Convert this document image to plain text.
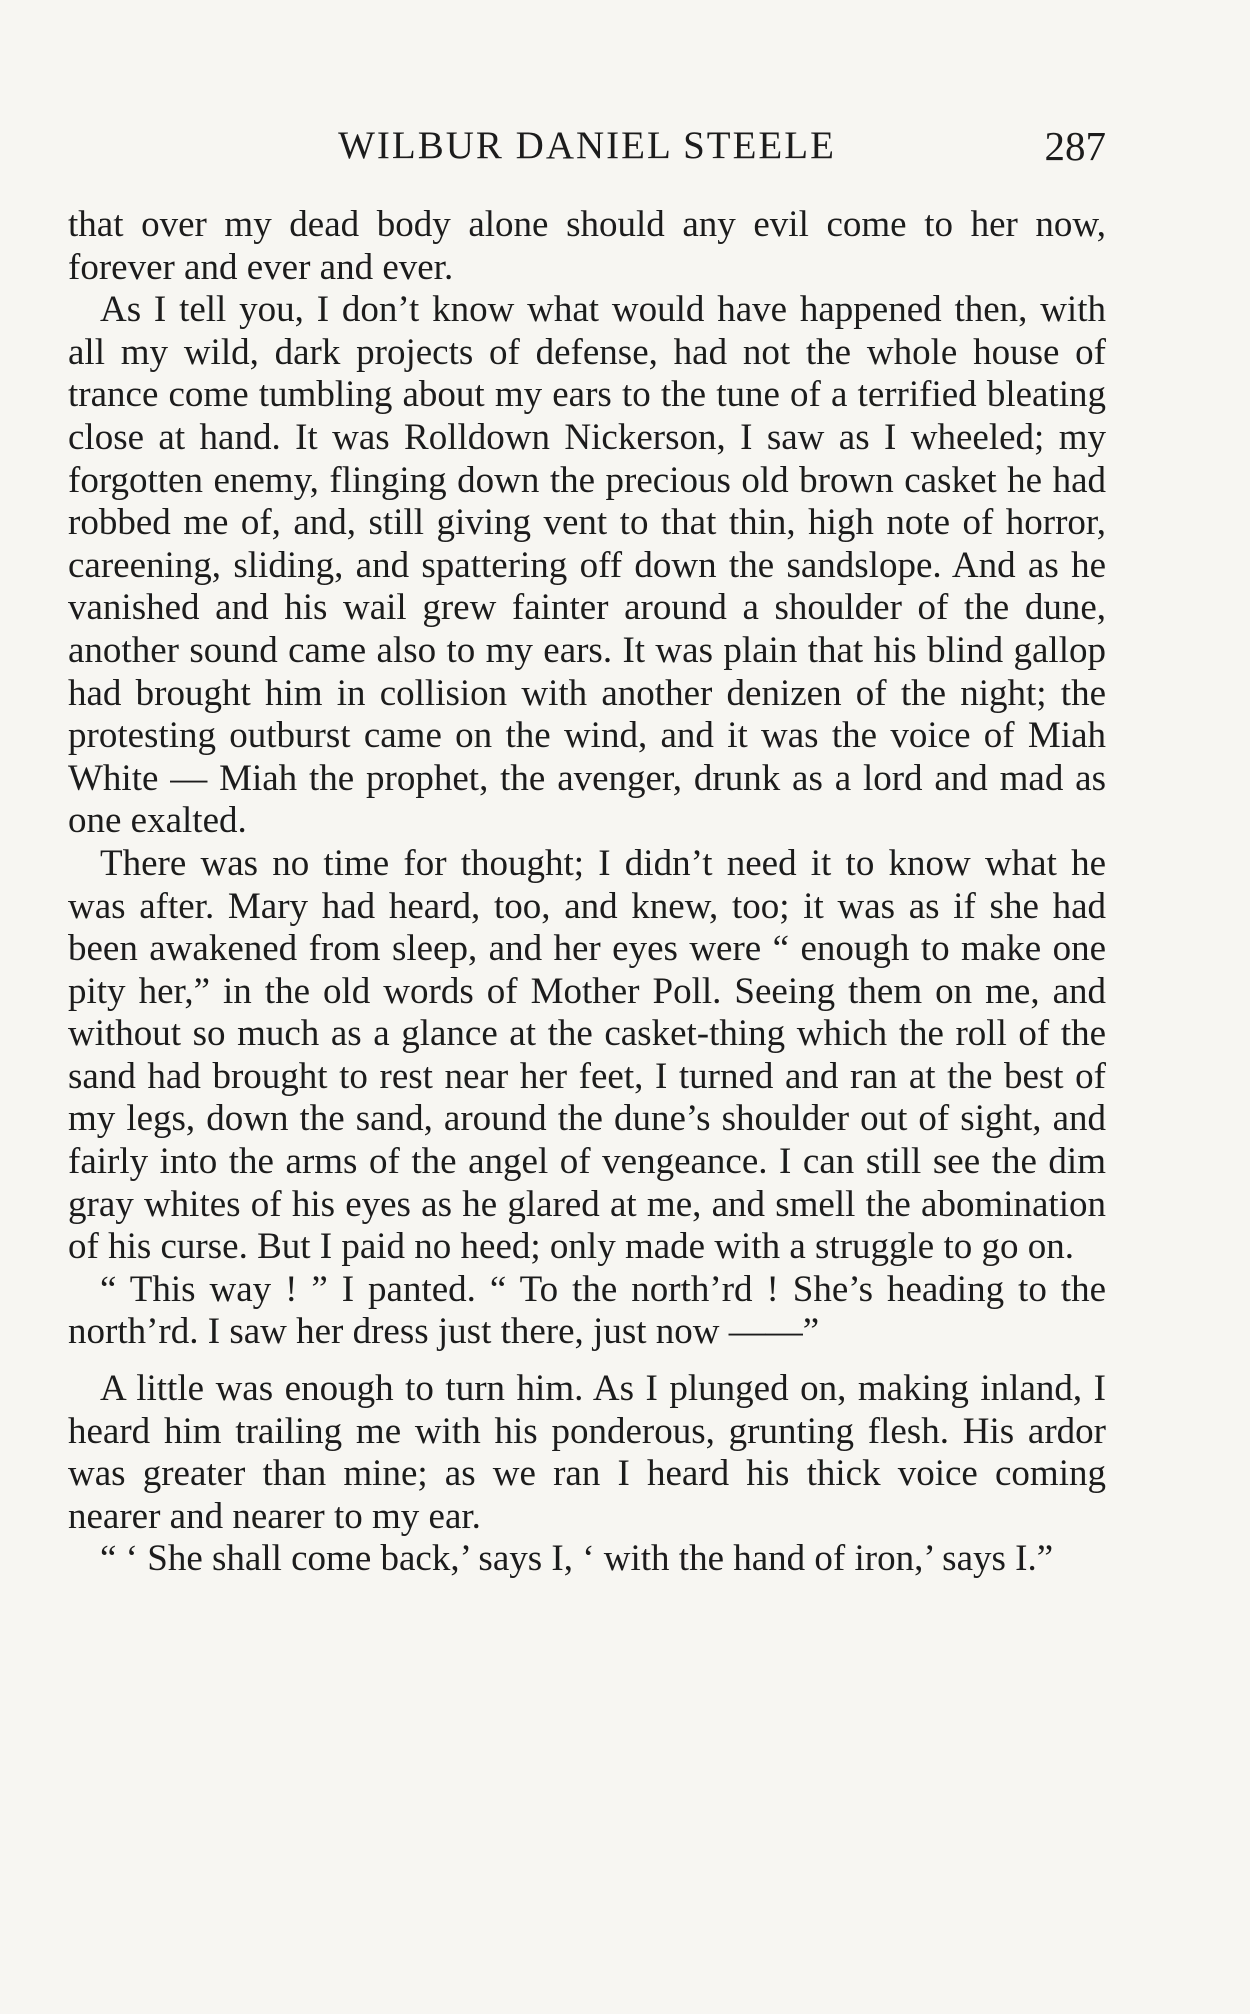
WILBUR DANIEL STEELE	287

that over my dead body alone should any evil come to her now, forever and ever and ever.

As I tell you, I don’t know what would have happened then, with all my wild, dark projects of defense, had not the whole house of trance come tumbling about my ears to the tune of a terrified bleating close at hand. It was Rolldown Nickerson, I saw as I wheeled; my forgotten enemy, flinging down the precious old brown casket he had robbed me of, and, still giving vent to that thin, high note of horror, careening, sliding, and spattering off down the sandslope. And as he vanished and his wail grew fainter around a shoulder of the dune, another sound came also to my ears. It was plain that his blind gallop had brought him in collision with another denizen of the night; the protesting outburst came on the wind, and it was the voice of Miah White — Miah the prophet, the avenger, drunk as a lord and mad as one exalted.

There was no time for thought; I didn’t need it to know what he was after. Mary had heard, too, and knew, too; it was as if she had been awakened from sleep, and her eyes were “ enough to make one pity her,” in the old words of Mother Poll. Seeing them on me, and without so much as a glance at the casket-thing which the roll of the sand had brought to rest near her feet, I turned and ran at the best of my legs, down the sand, around the dune’s shoulder out of sight, and fairly into the arms of the angel of vengeance. I can still see the dim gray whites of his eyes as he glared at me, and smell the abomination of his curse. But I paid no heed; only made with a struggle to go on.

“ This way ! ” I panted. “ To the north’rd ! She’s heading to the north’rd. I saw her dress just there, just now ——”

A little was enough to turn him. As I plunged on, making inland, I heard him trailing me with his ponderous, grunting flesh. His ardor was greater than mine; as we ran I heard his thick voice coming nearer and nearer to my ear.

“ ‘ She shall come back,’ says I, ‘ with the hand of iron,’ says I.”
